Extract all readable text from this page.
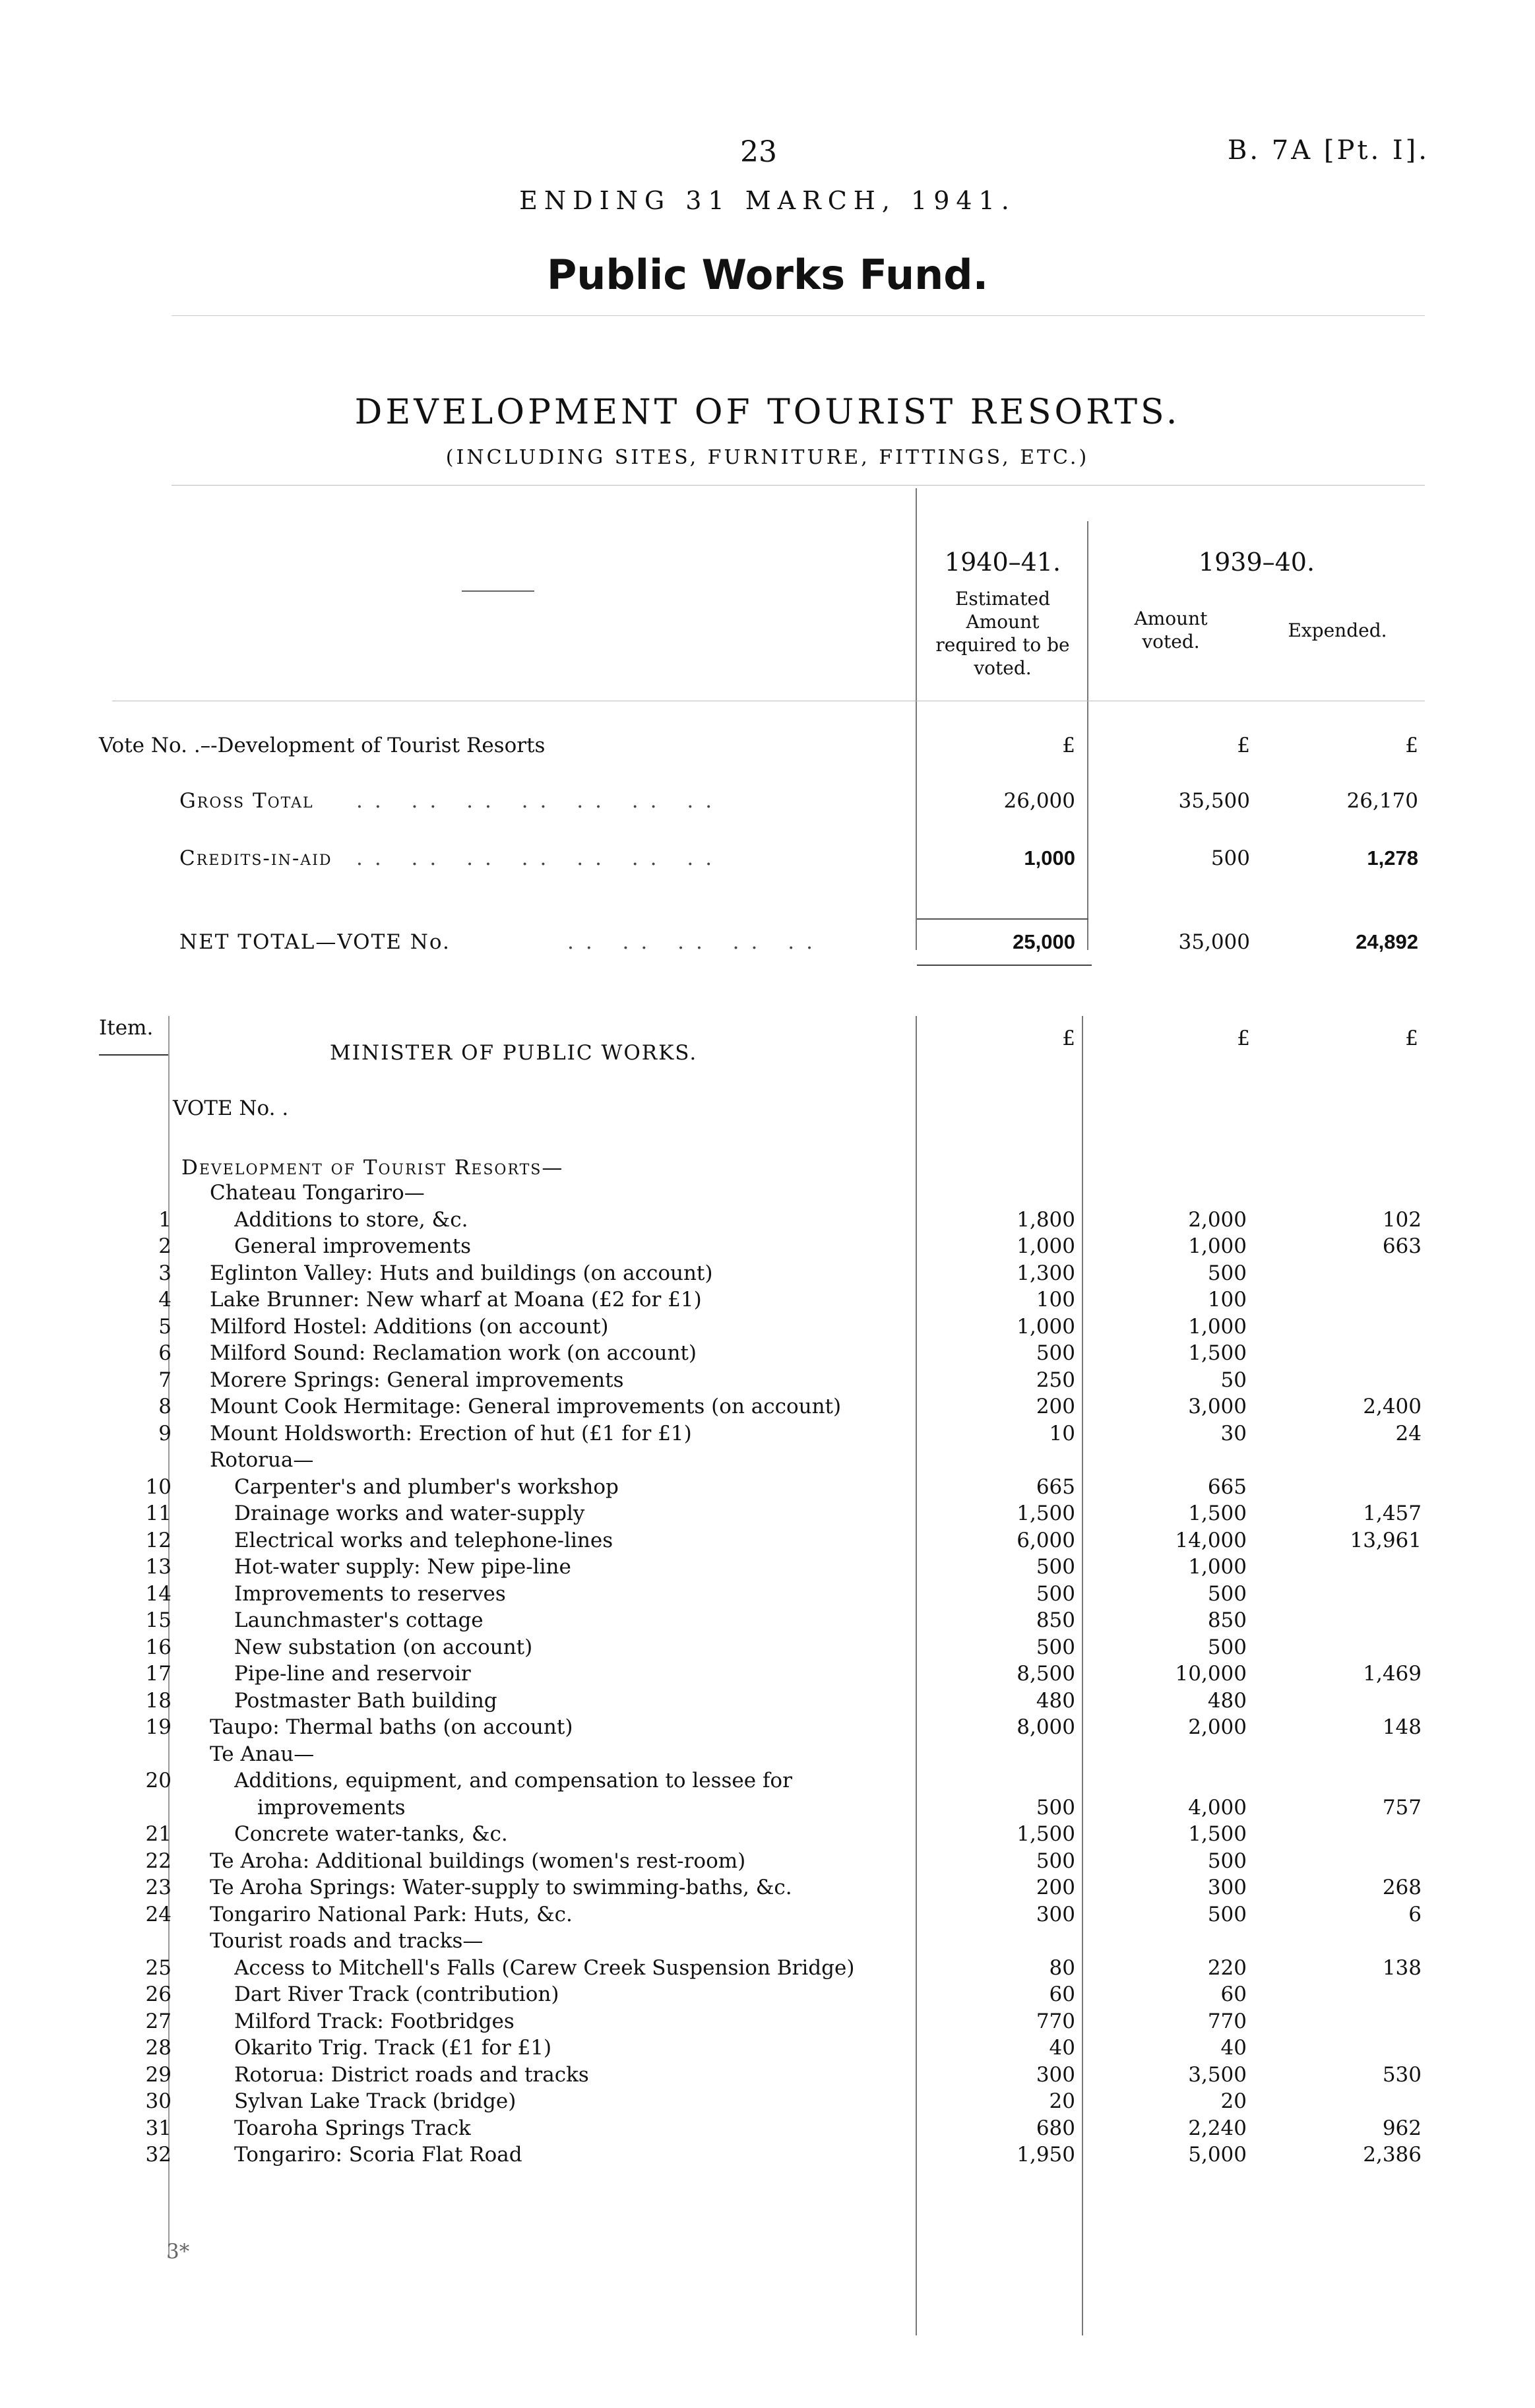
23	B. 7A [Pt. I].
ENDING 31 MARCH, 1941.
Public Works Fund.
DEVELOPMENT OF TOURIST RESORTS.
(INCLUDING SITES, FURNITURE, FITTINGS, ETC.)
1940–41.	1939–40.
Estimated Amount required to be voted.
Amount voted.
Expended.
Vote No. .–-Development of Tourist Resorts	£	£	£
Gross Total .. .. .. .. .. .. ..	26,000	35,500	26,170
Credits-in-aid .. .. .. .. .. .. ..	1,000	500	1,278
NET TOTAL—VOTE No.	.. .. .. .. ..	25,000	35,000	24,892
Item.	£	£	£
MINISTER OF PUBLIC WORKS.
VOTE No. .
Development of Tourist Resorts—
Chateau Tongariro—
1	Additions to store, &c.	1,800	2,000	102
2	General improvements	1,000	1,000	663
3 Eglinton Valley: Huts and buildings (on account)	1,300	500
4 Lake Brunner: New wharf at Moana (£2 for £1)	100	100
5 Milford Hostel: Additions (on account)	1,000	1,000
6 Milford Sound: Reclamation work (on account)	500	1,500
7 Morere Springs: General improvements	250	50
8 Mount Cook Hermitage: General improvements (on account)	200	3,000	2,400
9 Mount Holdsworth: Erection of hut (£1 for £1)	10	30	24
Rotorua—
10	Carpenter's and plumber's workshop	665	665
11	Drainage works and water-supply	1,500	1,500	1,457
12	Electrical works and telephone-lines	6,000	14,000	13,961
13	Hot-water supply: New pipe-line	500	1,000
14	Improvements to reserves	500	500
15	Launchmaster's cottage	850	850
16	New substation (on account)	500	500
17	Pipe-line and reservoir	8,500	10,000	1,469
18	Postmaster Bath building	480	480
19 Taupo: Thermal baths (on account)	8,000	2,000	148
Te Anau—
20	Additions, equipment, and compensation to lessee for
improvements	500	4,000	757
21	Concrete water-tanks, &c.	1,500	1,500
22 Te Aroha: Additional buildings (women's rest-room)	500	500
23 Te Aroha Springs: Water-supply to swimming-baths, &c.	200	300	268
24 Tongariro National Park: Huts, &c.	300	500	6
Tourist roads and tracks—
25	Access to Mitchell's Falls (Carew Creek Suspension Bridge)	80	220	138
26	Dart River Track (contribution)	60	60
27	Milford Track: Footbridges	770	770
28	Okarito Trig. Track (£1 for £1)	40	40
29	Rotorua: District roads and tracks	300	3,500	530
30	Sylvan Lake Track (bridge)	20	20
31	Toaroha Springs Track	680	2,240	962
32	Tongariro: Scoria Flat Road	1,950	5,000	2,386
3*
